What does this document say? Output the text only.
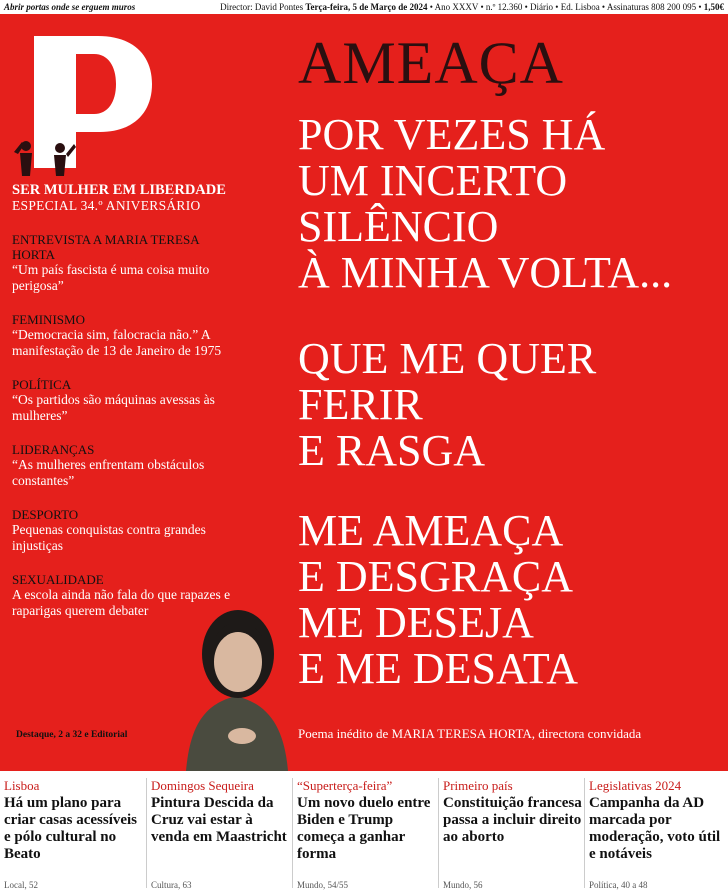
Abrir portas onde se erguem muros	Director: David Pontes Terça-feira, 5 de Março de 2024 • Ano XXXV • n.º 12.360 • Diário • Ed. Lisboa • Assinaturas 808 200 095 • 1,50€
Público

SER MULHER EM LIBERDADE

ESPECIAL 34.º ANIVERSÁRIO

ENTREVISTA A MARIA TERESA HORTA
“Um país fascista é uma coisa muito perigosa”
FEMINISMO
“Democracia sim, falocracia não.” A manifestação de 13 de Janeiro de 1975
POLÍTICA
“Os partidos são máquinas avessas às mulheres”
LIDERANÇAS
“As mulheres enfrentam obstáculos constantes”
DESPORTO
Pequenas conquistas contra grandes injustiças
SEXUALIDADE
A escola ainda não fala do que rapazes e raparigas querem debater
Destaque, 2 a 32 e Editorial
AMEAÇA
POR VEZES HÁ
UM INCERTO
SILÊNCIO
À MINHA VOLTA...
QUE ME QUER
FERIR
E RASGA
ME AMEAÇA
E DESGRAÇA
ME DESEJA
E ME DESATA
Poema inédito de MARIA TERESA HORTA, directora convidada
Lisboa
Há um plano para criar casas acessíveis e pólo cultural no Beato
Local, 52
Domingos Sequeira
Pintura Descida da Cruz vai estar à venda em Maastricht
Cultura, 63
“Superterça-feira”
Um novo duelo entre Biden e Trump começa a ganhar forma
Mundo, 54/55
Primeiro país
Constituição francesa passa a incluir direito ao aborto
Mundo, 56
Legislativas 2024
Campanha da AD marcada por moderação, voto útil e notáveis
Política, 40 a 48
